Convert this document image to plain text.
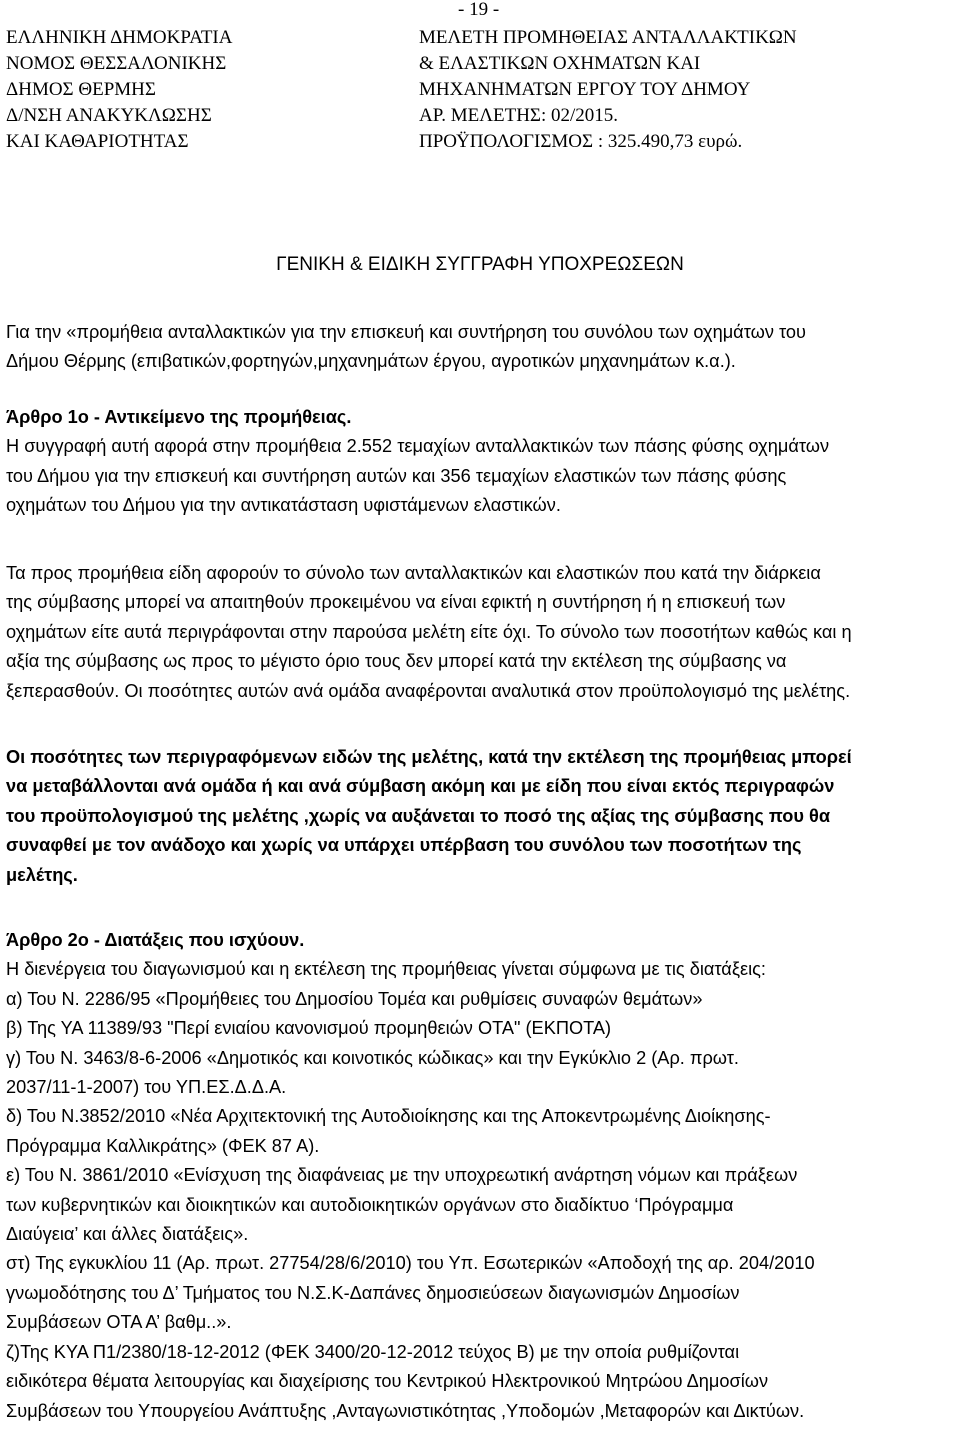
- 19 -
ΕΛΛΗΝΙΚΗ ΔΗΜΟΚΡΑΤΙΑ
ΝΟΜΟΣ ΘΕΣΣΑΛΟΝΙΚΗΣ
ΔΗΜΟΣ ΘΕΡΜΗΣ
Δ/ΝΣΗ ΑΝΑΚΥΚΛΩΣΗΣ
ΚΑΙ ΚΑΘΑΡΙΟΤΗΤΑΣ
ΜΕΛΕΤΗ ΠΡΟΜΗΘΕΙΑΣ ΑΝΤΑΛΛΑΚΤΙΚΩΝ
& ΕΛΑΣΤΙΚΩΝ ΟΧΗΜΑΤΩΝ ΚΑΙ
ΜΗΧΑΝΗΜΑΤΩΝ ΕΡΓΟΥ ΤΟΥ ΔΗΜΟΥ
ΑΡ. ΜΕΛΕΤΗΣ: 02/2015.
ΠΡΟΫΠΟΛΟΓΙΣΜΟΣ : 325.490,73 ευρώ.
ΓΕΝΙΚΗ & ΕΙΔΙΚΗ ΣΥΓΓΡΑΦΗ ΥΠΟΧΡΕΩΣΕΩΝ
Για την «προμήθεια ανταλλακτικών για την επισκευή και συντήρηση του συνόλου των οχημάτων του
Δήμου Θέρμης (επιβατικών,φορτηγών,μηχανημάτων έργου, αγροτικών μηχανημάτων κ.α.).
Άρθρο 1ο - Αντικείμενο της προμήθειας.
Η συγγραφή αυτή αφορά στην προμήθεια 2.552 τεμαχίων ανταλλακτικών των πάσης φύσης οχημάτων
του Δήμου για την επισκευή και συντήρηση αυτών και 356 τεμαχίων ελαστικών των πάσης φύσης
οχημάτων του Δήμου για την αντικατάσταση υφιστάμενων ελαστικών.
Τα προς προμήθεια είδη αφορούν το σύνολο των ανταλλακτικών και ελαστικών που κατά την διάρκεια
της σύμβασης μπορεί να απαιτηθούν προκειμένου να είναι εφικτή η συντήρηση ή η επισκευή των
οχημάτων είτε αυτά περιγράφονται στην παρούσα μελέτη είτε όχι. Το σύνολο των ποσοτήτων καθώς και η
αξία της σύμβασης ως προς το μέγιστο όριο τους δεν μπορεί κατά την εκτέλεση της σύμβασης να
ξεπερασθούν. Οι ποσότητες αυτών ανά ομάδα αναφέρονται αναλυτικά στον προϋπολογισμό της μελέτης.
Οι ποσότητες των περιγραφόμενων ειδών της μελέτης, κατά την εκτέλεση της προμήθειας μπορεί
να μεταβάλλονται ανά ομάδα ή και ανά σύμβαση ακόμη και με είδη που είναι εκτός περιγραφών
του προϋπολογισμού της μελέτης ,χωρίς να αυξάνεται το ποσό της αξίας της σύμβασης που θα
συναφθεί με τον ανάδοχο και χωρίς να υπάρχει υπέρβαση του συνόλου των ποσοτήτων της
μελέτης.
Άρθρο 2ο - Διατάξεις που ισχύουν.
Η διενέργεια του διαγωνισμού και η εκτέλεση της προμήθειας γίνεται σύμφωνα με τις διατάξεις:
α) Του Ν. 2286/95 «Προμήθειες του Δημοσίου Τομέα και ρυθμίσεις συναφών θεμάτων»
β) Της ΥΑ 11389/93 "Περί ενιαίου κανονισμού προμηθειών ΟΤΑ" (ΕΚΠΟΤΑ)
γ) Του Ν. 3463/8-6-2006 «Δημοτικός και κοινοτικός κώδικας» και την Εγκύκλιο 2 (Αρ. πρωτ.
2037/11-1-2007) του ΥΠ.ΕΣ.Δ.Δ.Α.
δ) Του Ν.3852/2010 «Νέα Αρχιτεκτονική της Αυτοδιοίκησης και της Αποκεντρωμένης Διοίκησης-
Πρόγραμμα Καλλικράτης» (ΦΕΚ 87 Α).
ε) Του Ν. 3861/2010 «Ενίσχυση της διαφάνειας με την υποχρεωτική ανάρτηση νόμων και πράξεων
των κυβερνητικών και διοικητικών και αυτοδιοικητικών οργάνων στο διαδίκτυο ‘Πρόγραμμα
Διαύγεια’ και άλλες διατάξεις».
στ) Της εγκυκλίου 11 (Αρ. πρωτ. 27754/28/6/2010) του Υπ. Εσωτερικών «Αποδοχή της αρ. 204/2010
γνωμοδότησης του Δ’ Τμήματος του Ν.Σ.Κ-Δαπάνες δημοσιεύσεων διαγωνισμών Δημοσίων
Συμβάσεων ΟΤΑ Α’ βαθμ..».
ζ)Της ΚΥΑ Π1/2380/18-12-2012 (ΦΕΚ 3400/20-12-2012 τεύχος Β) με την οποία ρυθμίζονται
ειδικότερα θέματα λειτουργίας και διαχείρισης του Κεντρικού Ηλεκτρονικού Μητρώου Δημοσίων
Συμβάσεων του Υπουργείου Ανάπτυξης ,Ανταγωνιστικότητας ,Υποδομών ,Μεταφορών και Δικτύων.
